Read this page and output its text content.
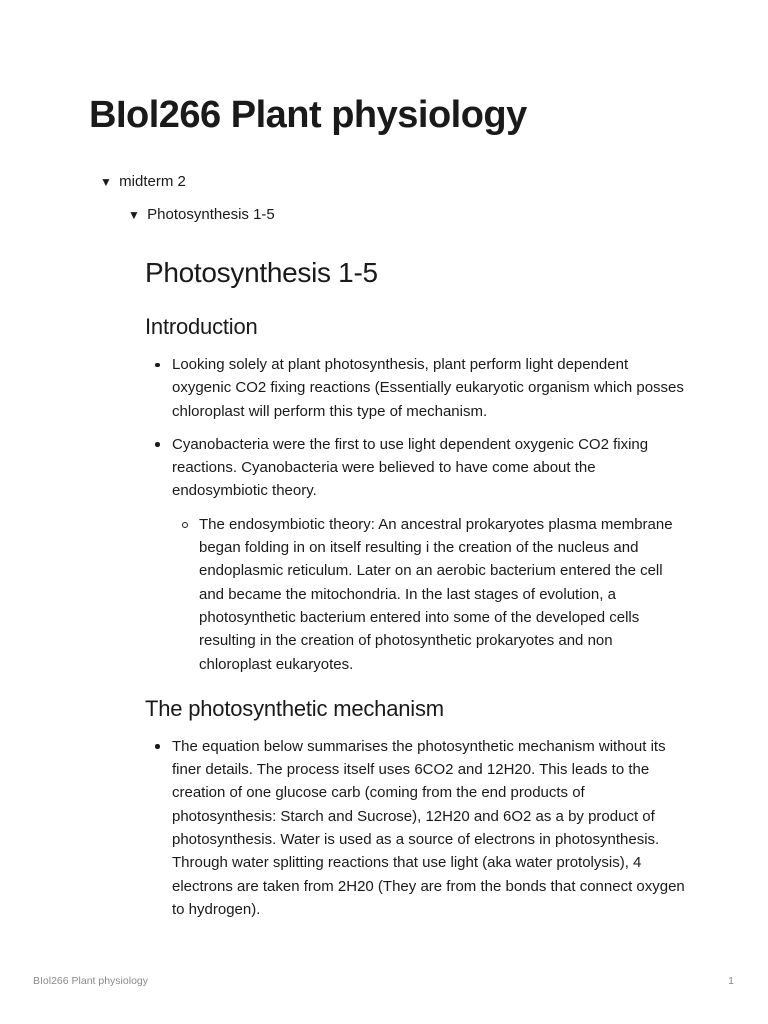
BIol266 Plant physiology
▼ midterm 2
▼ Photosynthesis 1-5
Photosynthesis 1-5
Introduction
Looking solely at plant photosynthesis, plant perform light dependent oxygenic CO2 fixing reactions (Essentially eukaryotic organism which posses chloroplast will perform this type of mechanism.
Cyanobacteria were the first to use light dependent oxygenic CO2 fixing reactions. Cyanobacteria were believed to have come about the endosymbiotic theory.
The endosymbiotic theory: An ancestral prokaryotes plasma membrane began folding in on itself resulting i the creation of the nucleus and endoplasmic reticulum. Later on an aerobic bacterium entered the cell and became the mitochondria. In the last stages of evolution, a photosynthetic bacterium entered into some of the developed cells resulting in the creation of photosynthetic prokaryotes and non chloroplast eukaryotes.
The photosynthetic mechanism
The equation below summarises the photosynthetic mechanism without its finer details. The process itself uses 6CO2 and 12H20. This leads to the creation of one glucose carb (coming from the end products of photosynthesis: Starch and Sucrose), 12H20 and 6O2 as a by product of photosynthesis. Water is used as a source of electrons in photosynthesis. Through water splitting reactions that use light (aka water protolysis), 4 electrons are taken from 2H20 (They are from the bonds that connect oxygen to hydrogen).
BIol266 Plant physiology	1
